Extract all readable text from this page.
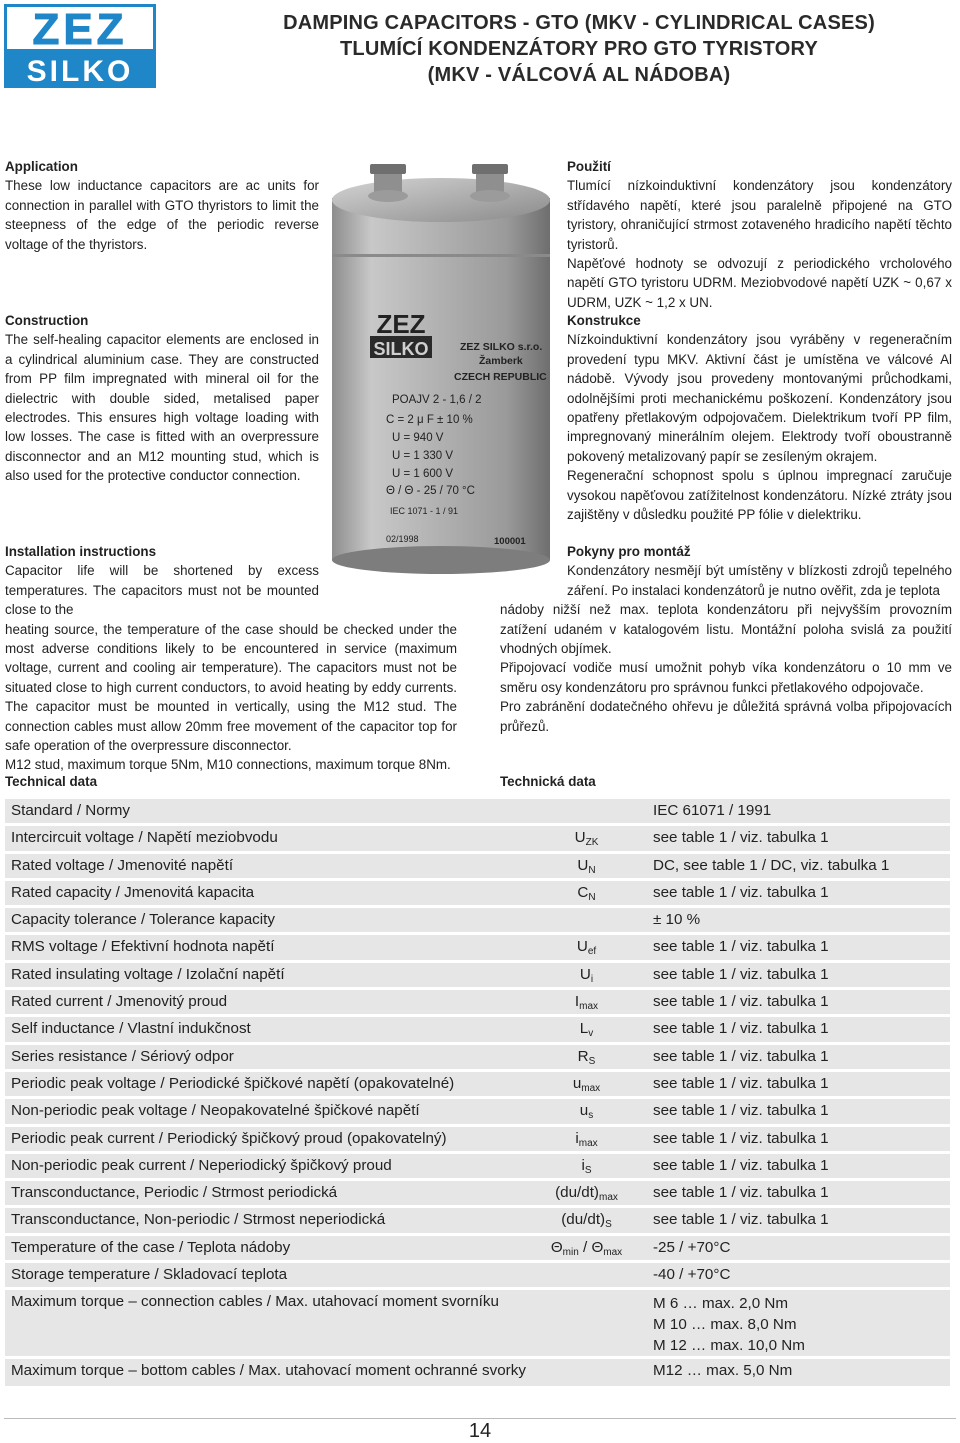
ZEZ
SILKO
DAMPING CAPACITORS - GTO (MKV - CYLINDRICAL CASES)
TLUMÍCÍ KONDENZÁTORY PRO GTO TYRISTORY
(MKV - VÁLCOVÁ AL NÁDOBA)
ZEZ
SILKO	ZEZ SILKO s.r.o.
Žamberk
CZECH REPUBLIC
POAJV 2 - 1,6 / 2
C = 2 μ F ± 10 %
U = 940 V
U = 1 330 V
U = 1 600 V
Θ / Θ - 25 / 70 °C
IEC 1071 - 1 / 91
02/1998	100001
Application

These low inductance capacitors are ac units for connection in parallel with GTO thyristors to limit the steepness of the edge of the periodic reverse voltage of the thyristors.

Construction

The self-healing capacitor elements are enclosed in a cylindrical aluminium case. They are constructed from PP film impregnated with mineral oil for the dielectric with double sided, metalised paper electrodes. This ensures high voltage loading with low losses. The case is fitted with an overpressure disconnector and an M12 mounting stud, which is also used for the protective conductor connection.

Použití

Tlumící nízkoinduktivní kondenzátory jsou kondenzátory střídavého napětí, které jsou paralelně připojené na GTO tyristory, ohraničující strmost zotaveného hradicího napětí těchto tyristorů.

Napěťové hodnoty se odvozují z periodického vrcholového napětí GTO tyristoru UDRM. Meziobvodové napětí UZK ~ 0,67 x UDRM, UZK ~ 1,2 x UN.

Konstrukce

Nízkoinduktivní kondenzátory jsou vyráběny v regeneračním provedení typu MKV. Aktivní část je umístěna ve válcové Al nádobě. Vývody jsou provedeny montovanými průchodkami, odolnějšími proti mechanickému poškození. Kondenzátory jsou opatřeny přetlakovým odpojovačem. Dielektrikum tvoří PP film, impregnovaný minerálním olejem. Elektrody tvoří oboustranně pokovený metalizovaný papír se zesíleným okrajem.

Regenerační schopnost spolu s úplnou impregnací zaručuje vysokou napěťovou zatížitelnost kondenzátoru. Nízké ztráty jsou zajištěny v důsledku použité PP fólie v dielektriku.

Installation instructions

Capacitor life will be shortened by excess temperatures. The capacitors must not be mounted close to the

heating source, the temperature of the case should be checked under the most adverse conditions likely to be encountered in service (maximum voltage, current and cooling air temperature). The capacitors must not be situated close to high current conductors, to avoid heating by eddy currents. The capacitor must be mounted in vertically, using the M12 stud. The connection cables must allow 20mm free movement of the capacitor top for safe operation of the overpressure disconnector.

M12 stud, maximum torque 5Nm, M10 connections, maximum torque 8Nm.

Pokyny pro montáž

Kondenzátory nesmějí být umístěny v blízkosti zdrojů tepelného záření. Po instalaci kondenzátorů je nutno ověřit, zda je teplota

nádoby nižší než max. teplota kondenzátoru při nejvyšším provozním zatížení udaném v katalogovém listu. Montážní poloha svislá za použití vhodných objímek.

Připojovací vodiče musí umožnit pohyb víka kondenzátoru o 10 mm ve směru osy kondenzátoru pro správnou funkci přetlakového odpojovače.

Pro zabránění dodatečného ohřevu je důležitá správná volba připojovacích průřezů.

Technical data	Technická data
Standard / Normy	IEC 61071 / 1991
Intercircuit voltage / Napětí meziobvodu	$U_{ZK}$	see table 1 / viz. tabulka 1
Rated voltage / Jmenovité napětí	$U_N$	DC, see table 1 / DC, viz. tabulka 1
Rated capacity / Jmenovitá kapacita	$C_N$	see table 1 / viz. tabulka 1
Capacity tolerance / Tolerance kapacity	± 10 %
RMS voltage / Efektivní hodnota napětí	$U_{ef}$	see table 1 / viz. tabulka 1
Rated insulating voltage / Izolační napětí	$U_i$	see table 1 / viz. tabulka 1
Rated current / Jmenovitý proud	$I_{max}$	see table 1 / viz. tabulka 1
Self inductance / Vlastní indukčnost	$L_v$	see table 1 / viz. tabulka 1
Series resistance / Sériový odpor	$R_S$	see table 1 / viz. tabulka 1
Periodic peak voltage / Periodické špičkové napětí (opakovatelné)	$u_{max}$	see table 1 / viz. tabulka 1
Non-periodic peak voltage / Neopakovatelné špičkové napětí	$u_s$	see table 1 / viz. tabulka 1
Periodic peak current / Periodický špičkový proud (opakovatelný)	$i_{max}$	see table 1 / viz. tabulka 1
Non-periodic peak current / Neperiodický špičkový proud	$i_S$	see table 1 / viz. tabulka 1
Transconductance, Periodic / Strmost periodická	$(du/dt)_{max}$	see table 1 / viz. tabulka 1
Transconductance, Non-periodic / Strmost neperiodická	$(du/dt)_S$	see table 1 / viz. tabulka 1
Temperature of the case / Teplota nádoby	$\Theta_{min} / \Theta_{max}$	-25 / +70°C
Storage temperature / Skladovací teplota	-40 / +70°C
Maximum torque – connection cables / Max. utahovací moment svorníku	M 6 … max. 2,0 Nm
M 10 … max. 8,0 Nm
M 12 … max. 10,0 Nm
Maximum torque – bottom cables / Max. utahovací moment ochranné svorky	M12 … max. 5,0 Nm
14
